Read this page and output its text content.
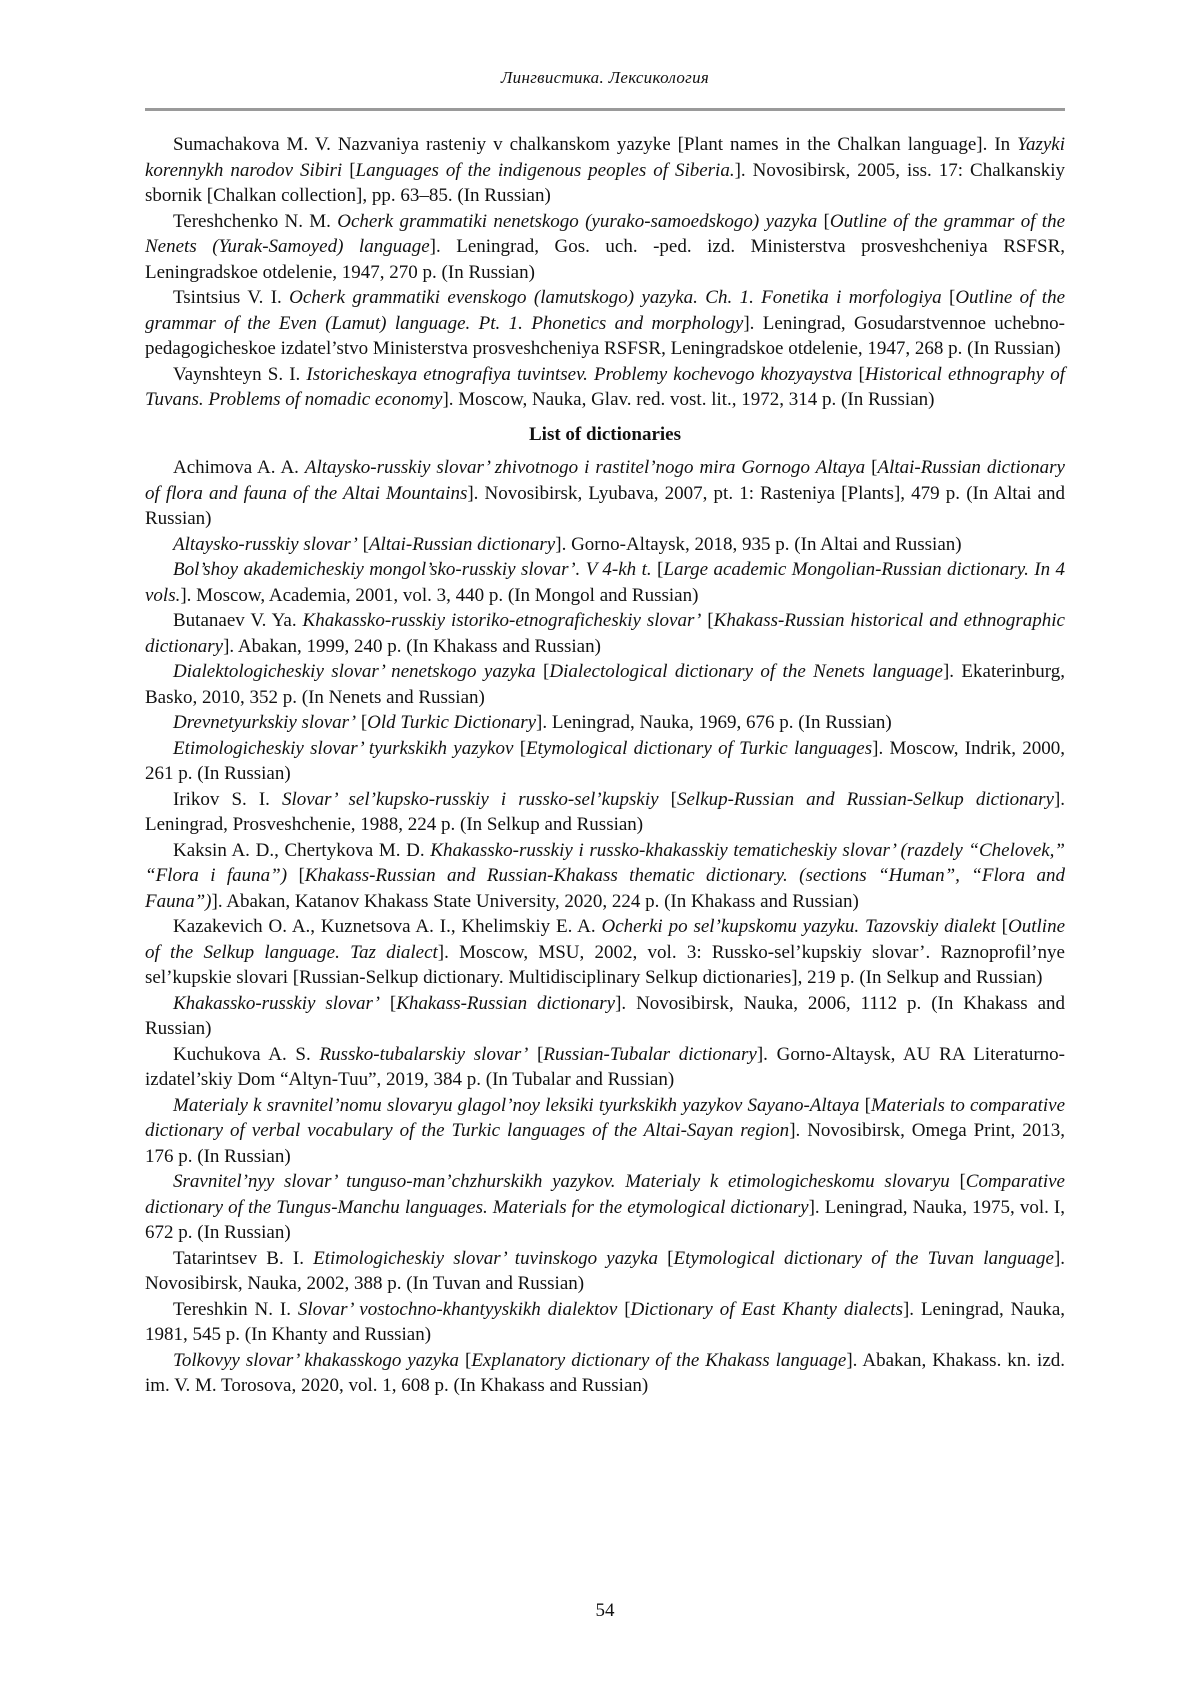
Лингвистика. Лексикология

Sumachakova M. V. Nazvaniya rasteniy v chalkanskom yazyke [Plant names in the Chalkan language]. In Yazyki korennykh narodov Sibiri [Languages of the indigenous peoples of Siberia.]. Novosibirsk, 2005, iss. 17: Chalkanskiy sbornik [Chalkan collection], pp. 63–85. (In Russian)

Tereshchenko N. M. Ocherk grammatiki nenetskogo (yurako-samoedskogo) yazyka [Outline of the grammar of the Nenets (Yurak-Samoyed) language]. Leningrad, Gos. uch. -ped. izd. Ministerstva prosveshcheniya RSFSR, Leningradskoe otdelenie, 1947, 270 p. (In Russian)

Tsintsius V. I. Ocherk grammatiki evenskogo (lamutskogo) yazyka. Ch. 1. Fonetika i morfologiya [Outline of the grammar of the Even (Lamut) language. Pt. 1. Phonetics and morphology]. Leningrad, Gosudarstvennoe uchebno-pedagogicheskoe izdatel’stvo Ministerstva prosveshcheniya RSFSR, Leningradskoe otdelenie, 1947, 268 p. (In Russian)

Vaynshteyn S. I. Istoricheskaya etnografiya tuvintsev. Problemy kochevogo khozyaystva [Historical ethnography of Tuvans. Problems of nomadic economy]. Moscow, Nauka, Glav. red. vost. lit., 1972, 314 p. (In Russian)

List of dictionaries

Achimova A. A. Altaysko-russkiy slovar’ zhivotnogo i rastitel’nogo mira Gornogo Altaya [Altai-Russian dictionary of flora and fauna of the Altai Mountains]. Novosibirsk, Lyubava, 2007, pt. 1: Rasteniya [Plants], 479 p. (In Altai and Russian)

Altaysko-russkiy slovar’ [Altai-Russian dictionary]. Gorno-Altaysk, 2018, 935 p. (In Altai and Russian)

Bol’shoy akademicheskiy mongol’sko-russkiy slovar’. V 4-kh t. [Large academic Mongolian-Russian dictionary. In 4 vols.]. Moscow, Academia, 2001, vol. 3, 440 p. (In Mongol and Russian)

Butanaev V. Ya. Khakassko-russkiy istoriko-etnograficheskiy slovar’ [Khakass-Russian historical and ethnographic dictionary]. Abakan, 1999, 240 p. (In Khakass and Russian)

Dialektologicheskiy slovar’ nenetskogo yazyka [Dialectological dictionary of the Nenets language]. Ekaterinburg, Basko, 2010, 352 p. (In Nenets and Russian)

Drevnetyurkskiy slovar’ [Old Turkic Dictionary]. Leningrad, Nauka, 1969, 676 p. (In Russian)

Etimologicheskiy slovar’ tyurkskikh yazykov [Etymological dictionary of Turkic languages]. Moscow, Indrik, 2000, 261 p. (In Russian)

Irikov S. I. Slovar’ sel’kupsko-russkiy i russko-sel’kupskiy [Selkup-Russian and Russian-Selkup dictionary]. Leningrad, Prosveshchenie, 1988, 224 p. (In Selkup and Russian)

Kaksin A. D., Chertykova M. D. Khakassko-russkiy i russko-khakasskiy tematicheskiy slovar’ (razdely “Chelovek,” “Flora i fauna”) [Khakass-Russian and Russian-Khakass thematic dictionary. (sections “Human”, “Flora and Fauna”)]. Abakan, Katanov Khakass State University, 2020, 224 p. (In Khakass and Russian)

Kazakevich O. A., Kuznetsova A. I., Khelimskiy E. A. Ocherki po sel’kupskomu yazyku. Tazovskiy dialekt [Outline of the Selkup language. Taz dialect]. Moscow, MSU, 2002, vol. 3: Russko-sel’kupskiy slovar’. Raznoprofil’nye sel’kupskie slovari [Russian-Selkup dictionary. Multidisciplinary Selkup dictionaries], 219 p. (In Selkup and Russian)

Khakassko-russkiy slovar’ [Khakass-Russian dictionary]. Novosibirsk, Nauka, 2006, 1112 p. (In Khakass and Russian)

Kuchukova A. S. Russko-tubalarskiy slovar’ [Russian-Tubalar dictionary]. Gorno-Altaysk, AU RA Literaturno-izdatel’skiy Dom “Altyn-Tuu”, 2019, 384 p. (In Tubalar and Russian)

Materialy k sravnitel’nomu slovaryu glagol’noy leksiki tyurkskikh yazykov Sayano-Altaya [Materials to comparative dictionary of verbal vocabulary of the Turkic languages of the Altai-Sayan region]. Novosibirsk, Omega Print, 2013, 176 p. (In Russian)

Sravnitel’nyy slovar’ tunguso-man’chzhurskikh yazykov. Materialy k etimologicheskomu slovaryu [Comparative dictionary of the Tungus-Manchu languages. Materials for the etymological dictionary]. Leningrad, Nauka, 1975, vol. I, 672 p. (In Russian)

Tatarintsev B. I. Etimologicheskiy slovar’ tuvinskogo yazyka [Etymological dictionary of the Tuvan language]. Novosibirsk, Nauka, 2002, 388 p. (In Tuvan and Russian)

Tereshkin N. I. Slovar’ vostochno-khantyyskikh dialektov [Dictionary of East Khanty dialects]. Leningrad, Nauka, 1981, 545 p. (In Khanty and Russian)

Tolkovyy slovar’ khakasskogo yazyka [Explanatory dictionary of the Khakass language]. Abakan, Khakass. kn. izd. im. V. M. Torosova, 2020, vol. 1, 608 p. (In Khakass and Russian)

54
